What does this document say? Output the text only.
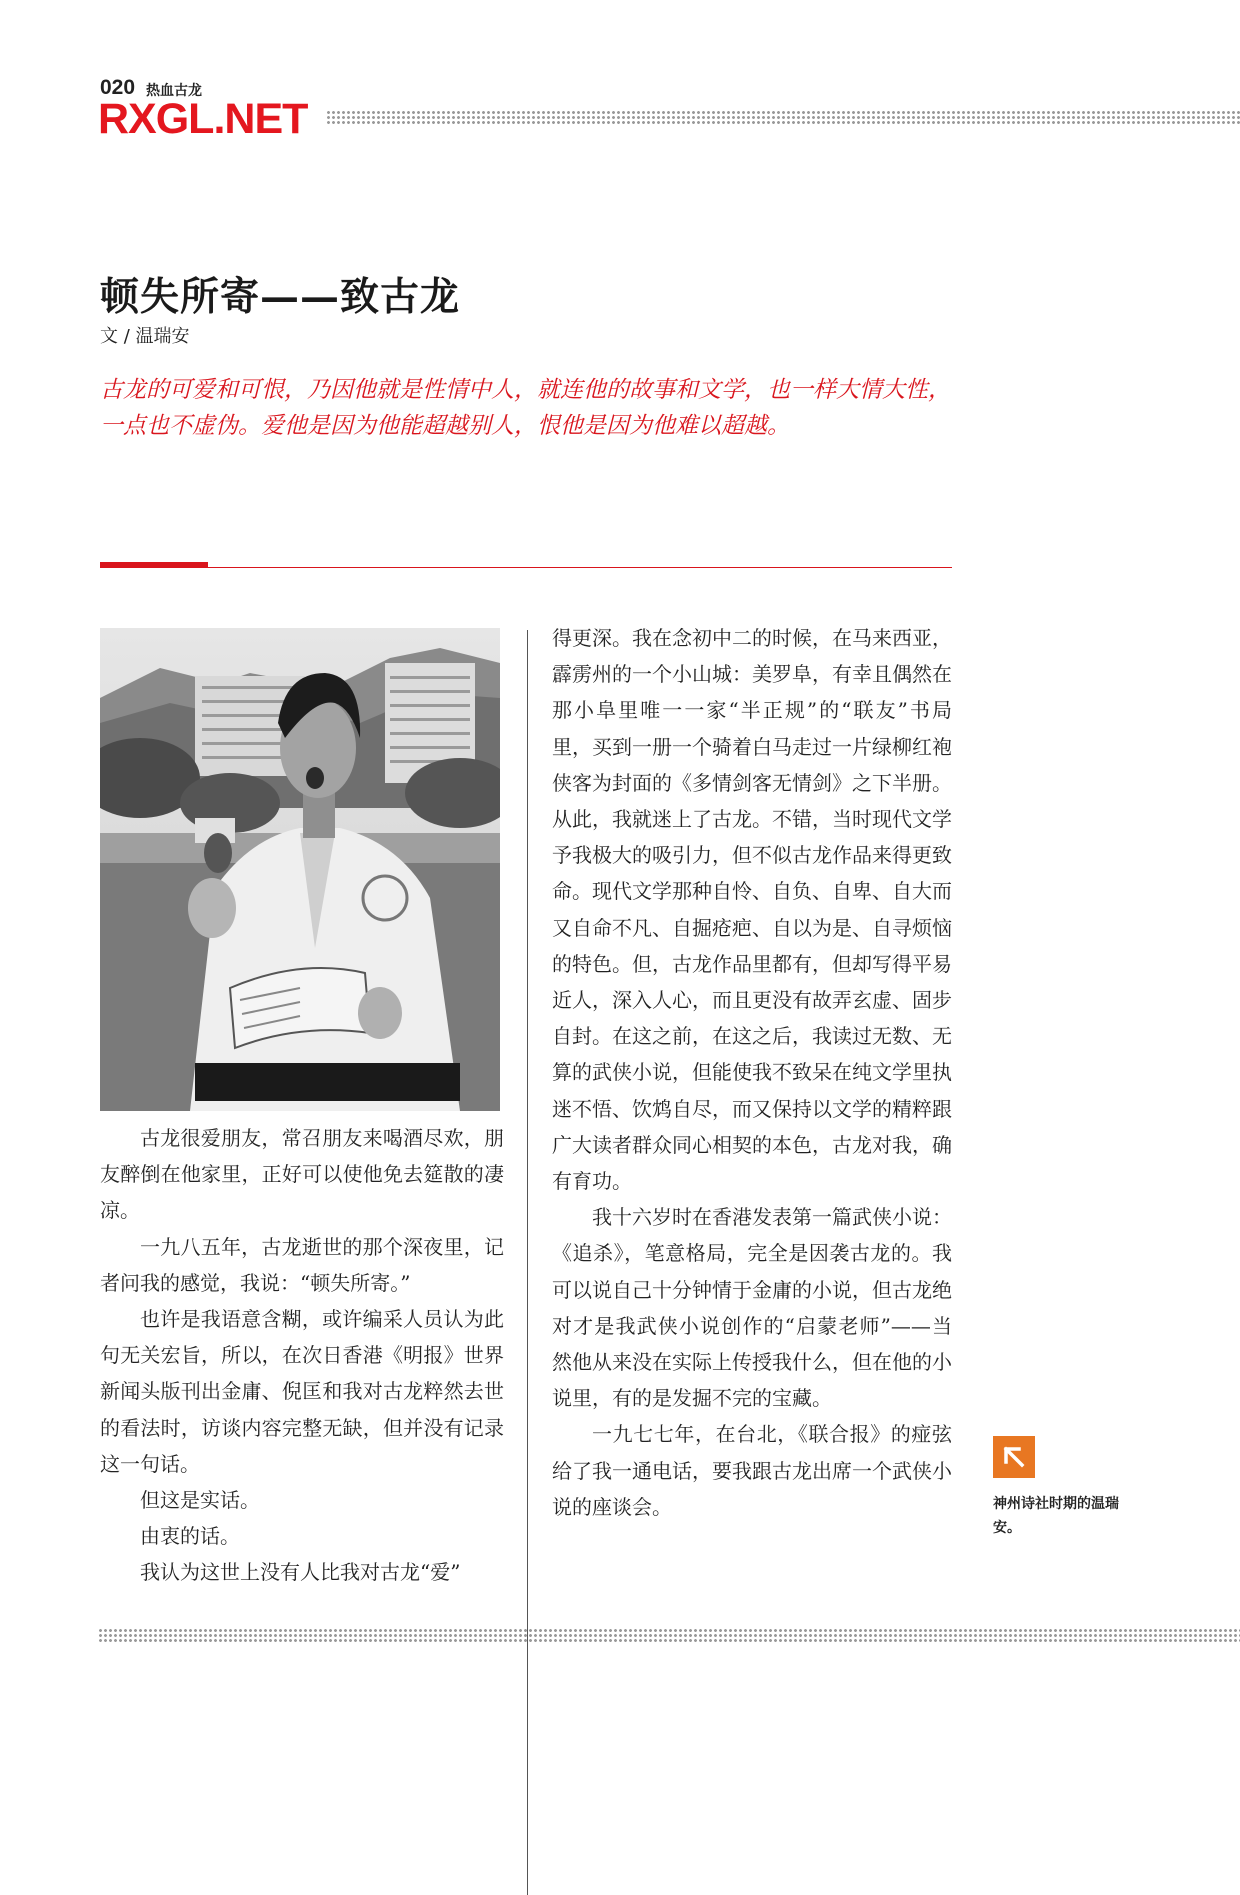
020 热血古龙
RXGL.NET
顿失所寄——致古龙
文 / 温瑞安
古龙的可爱和可恨，乃因他就是性情中人，就连他的故事和文学，也一样大情大性，一点也不虚伪。爱他是因为他能超越别人，恨他是因为他难以超越。

古龙很爱朋友，常召朋友来喝酒尽欢，朋友醉倒在他家里，正好可以使他免去筵散的凄凉。

一九八五年，古龙逝世的那个深夜里，记者问我的感觉，我说：“顿失所寄。”

也许是我语意含糊，或许编采人员认为此句无关宏旨，所以，在次日香港《明报》世界新闻头版刊出金庸、倪匡和我对古龙粹然去世的看法时，访谈内容完整无缺，但并没有记录这一句话。

但这是实话。

由衷的话。

我认为这世上没有人比我对古龙“爱”

得更深。我在念初中二的时候，在马来西亚，霹雳州的一个小山城：美罗阜，有幸且偶然在那小阜里唯一一家“半正规”的“联友”书局里，买到一册一个骑着白马走过一片绿柳红袍侠客为封面的《多情剑客无情剑》之下半册。从此，我就迷上了古龙。不错，当时现代文学予我极大的吸引力，但不似古龙作品来得更致命。现代文学那种自怜、自负、自卑、自大而又自命不凡、自掘疮疤、自以为是、自寻烦恼的特色。但，古龙作品里都有，但却写得平易近人，深入人心，而且更没有故弄玄虚、固步自封。在这之前，在这之后，我读过无数、无算的武侠小说，但能使我不致呆在纯文学里执迷不悟、饮鸩自尽，而又保持以文学的精粹跟广大读者群众同心相契的本色，古龙对我，确有育功。

我十六岁时在香港发表第一篇武侠小说：《追杀》，笔意格局，完全是因袭古龙的。我可以说自己十分钟情于金庸的小说，但古龙绝对才是我武侠小说创作的“启蒙老师”——当然他从来没在实际上传授我什么，但在他的小说里，有的是发掘不完的宝藏。

一九七七年，在台北，《联合报》的痖弦给了我一通电话，要我跟古龙出席一个武侠小说的座谈会。	神州诗社时期的温瑞安。
